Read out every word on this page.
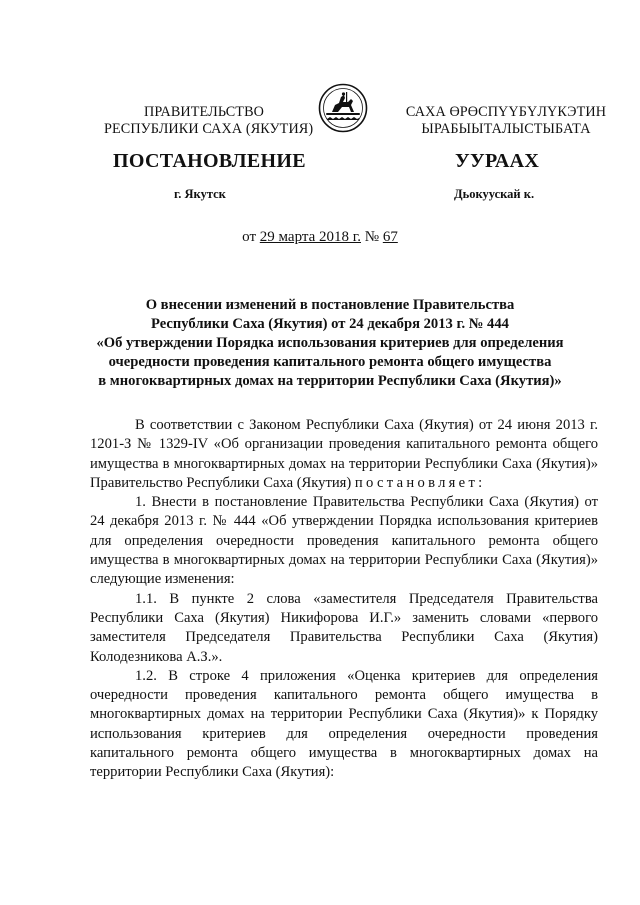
ПРАВИТЕЛЬСТВО
РЕСПУБЛИКИ САХА (ЯКУТИЯ)
САХА ӨРӨСПҮҮБҮЛҮКЭТИН
ЫРАБЫЫТАЛЫСТЫБАТА
ПОСТАНОВЛЕНИЕ	УУРААХ
г. Якутск	Дьокуускай к.
от 29 марта 2018 г. № 67
О внесении изменений в постановление Правительства
Республики Саха (Якутия) от 24 декабря 2013 г. № 444
«Об утверждении Порядка использования критериев для определения
очередности проведения капитального ремонта общего имущества
в многоквартирных домах на территории Республики Саха (Якутия)»

В соответствии с Законом Республики Саха (Якутия) от 24 июня 2013 г. 1201-З № 1329-IV «Об организации проведения капитального ремонта общего имущества в многоквартирных домах на территории Республики Саха (Якутия)» Правительство Республики Саха (Якутия) постановляет:

1. Внести в постановление Правительства Республики Саха (Якутия) от 24 декабря 2013 г. № 444 «Об утверждении Порядка использования критериев для определения очередности проведения капитального ремонта общего имущества в многоквартирных домах на территории Республики Саха (Якутия)» следующие изменения:

1.1. В пункте 2 слова «заместителя Председателя Правительства Республики Саха (Якутия) Никифорова И.Г.» заменить словами «первого заместителя Председателя Правительства Республики Саха (Якутия) Колодезникова А.З.».

1.2. В строке 4 приложения «Оценка критериев для определения очередности проведения капитального ремонта общего имущества в многоквартирных домах на территории Республики Саха (Якутия)» к Порядку использования критериев для определения очередности проведения капитального ремонта общего имущества в многоквартирных домах на территории Республики Саха (Якутия):
